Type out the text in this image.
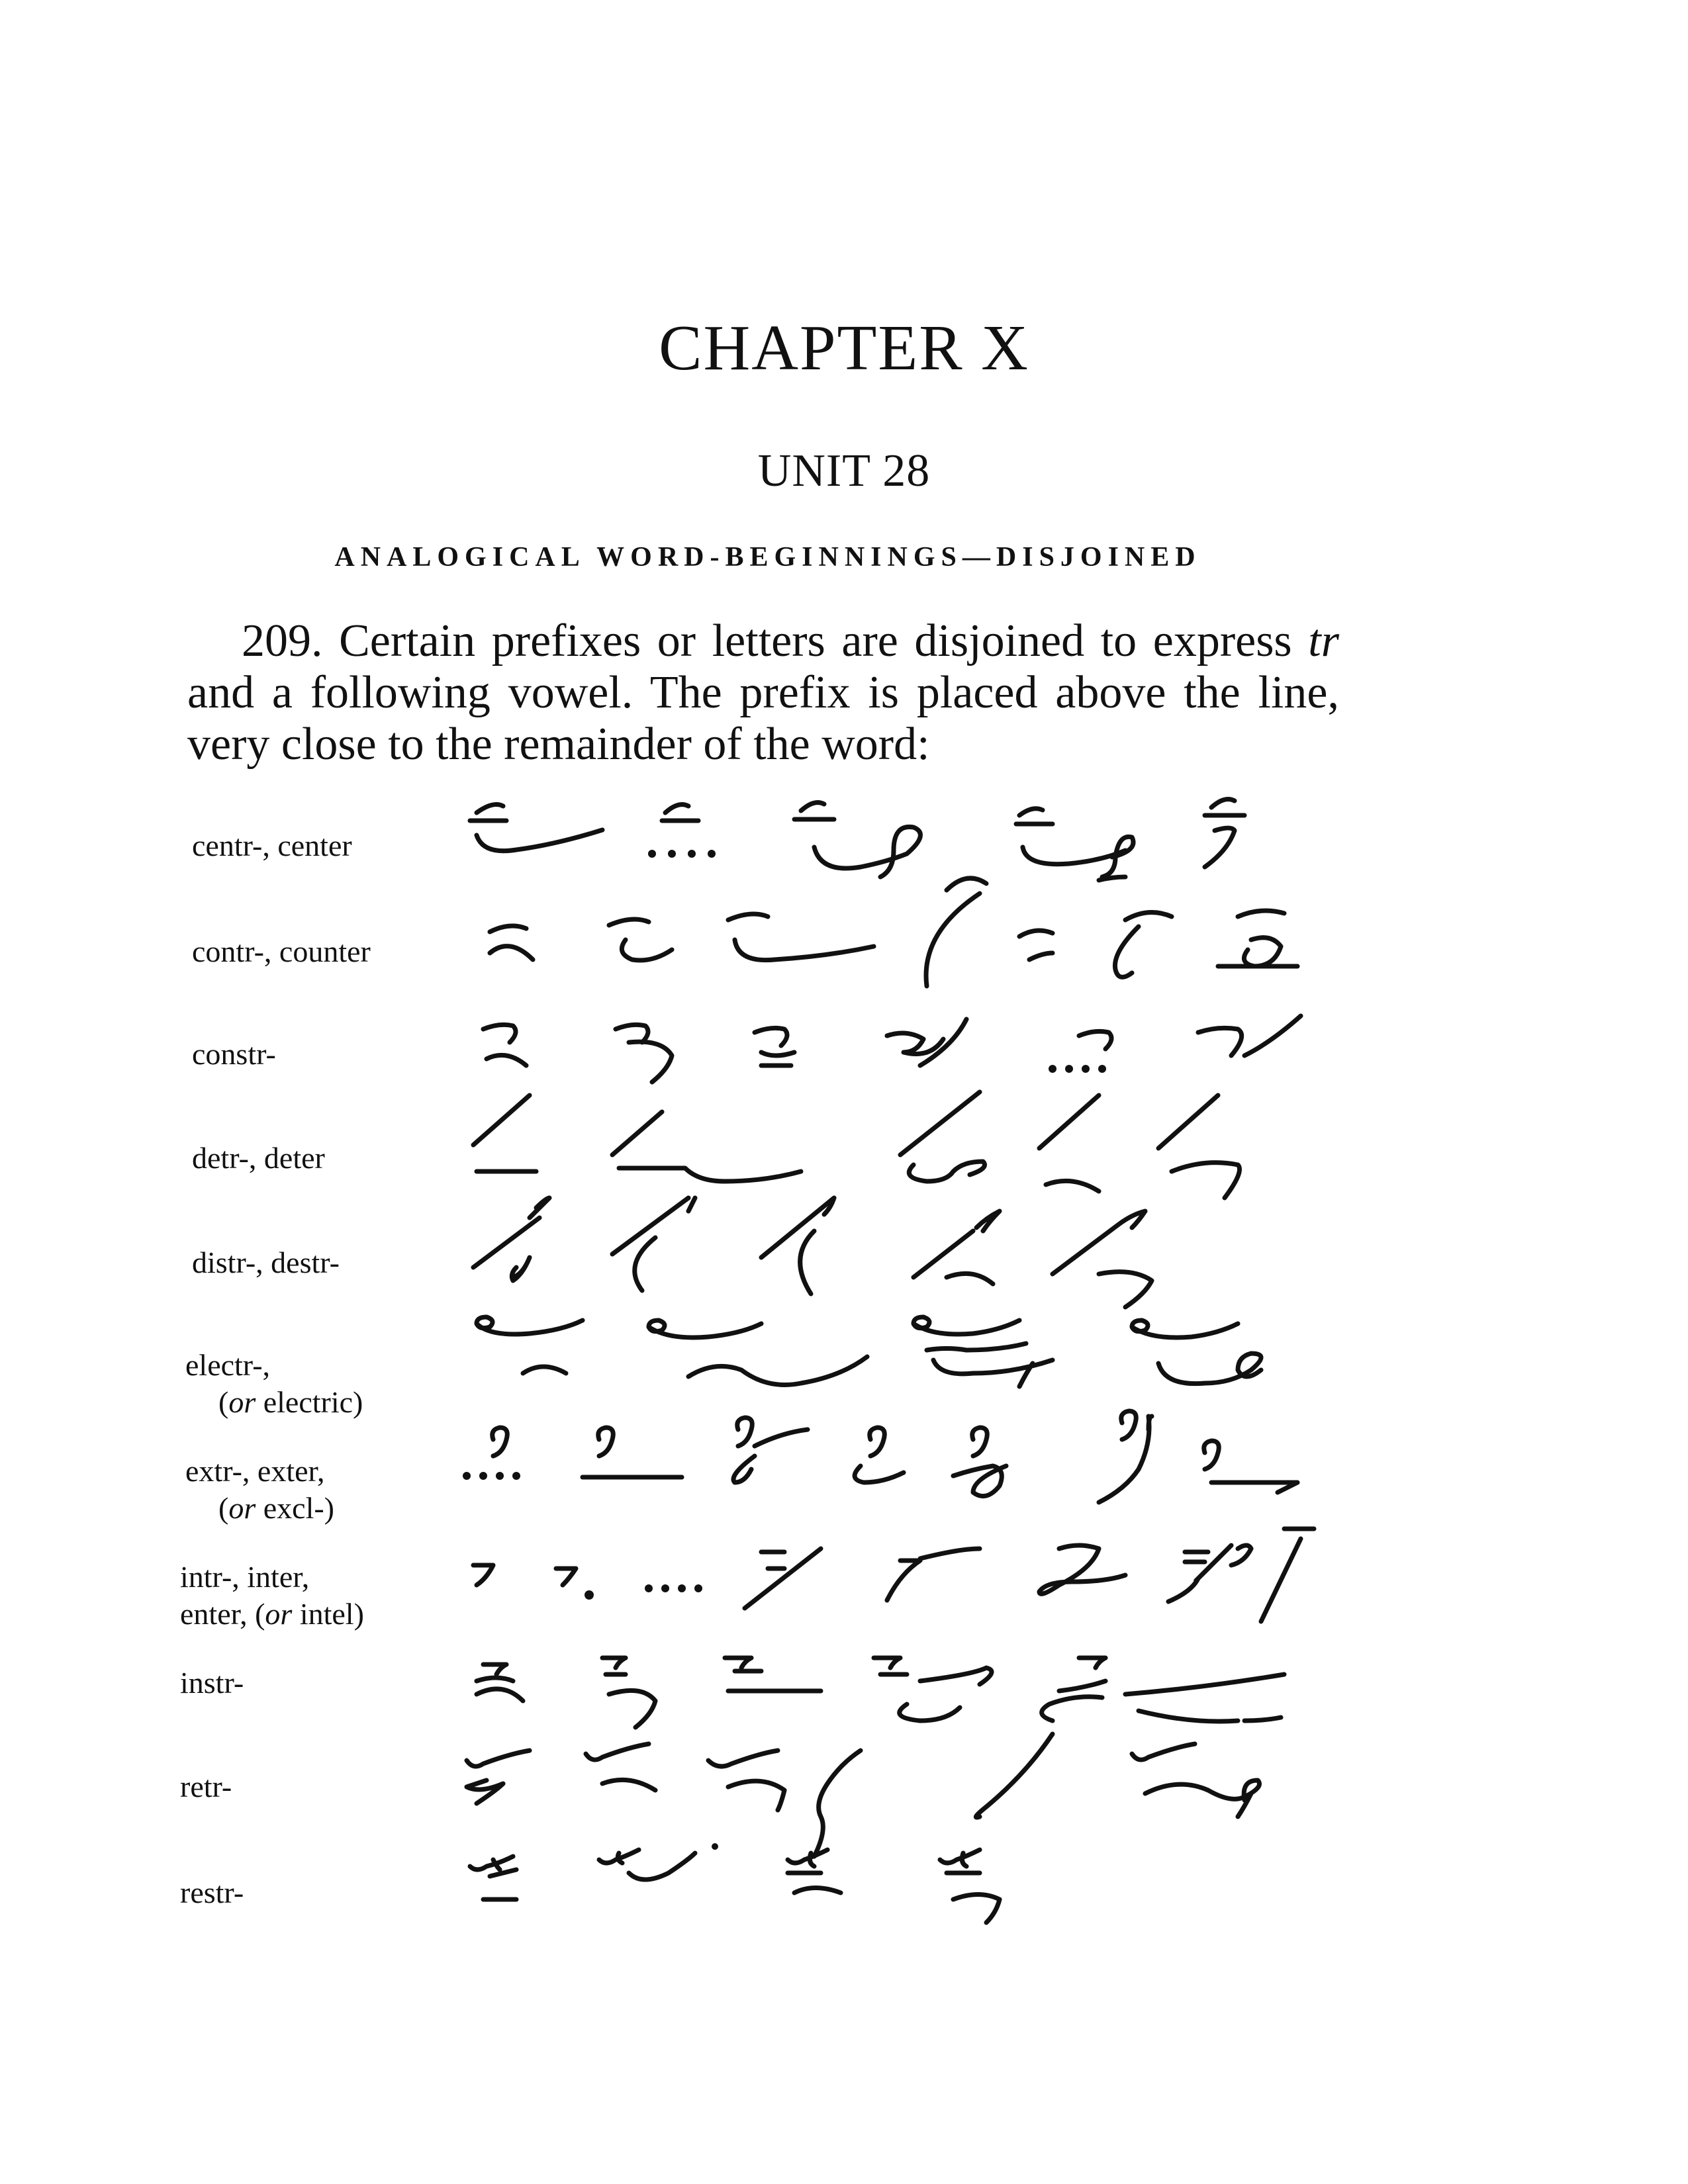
CHAPTER X
UNIT 28
ANALOGICAL WORD-BEGINNINGS—DISJOINED
209. Certain prefixes or letters are disjoined to express tr and a following vowel. The prefix is placed above the line, very close to the remainder of the word:
centr-, center
contr-, counter
constr-
detr-, deter
distr-, destr-
electr-,
(or electric)
extr-, exter,
(or excl-)
intr-, inter,
enter, (or intel)
instr-
retr-
restr-
